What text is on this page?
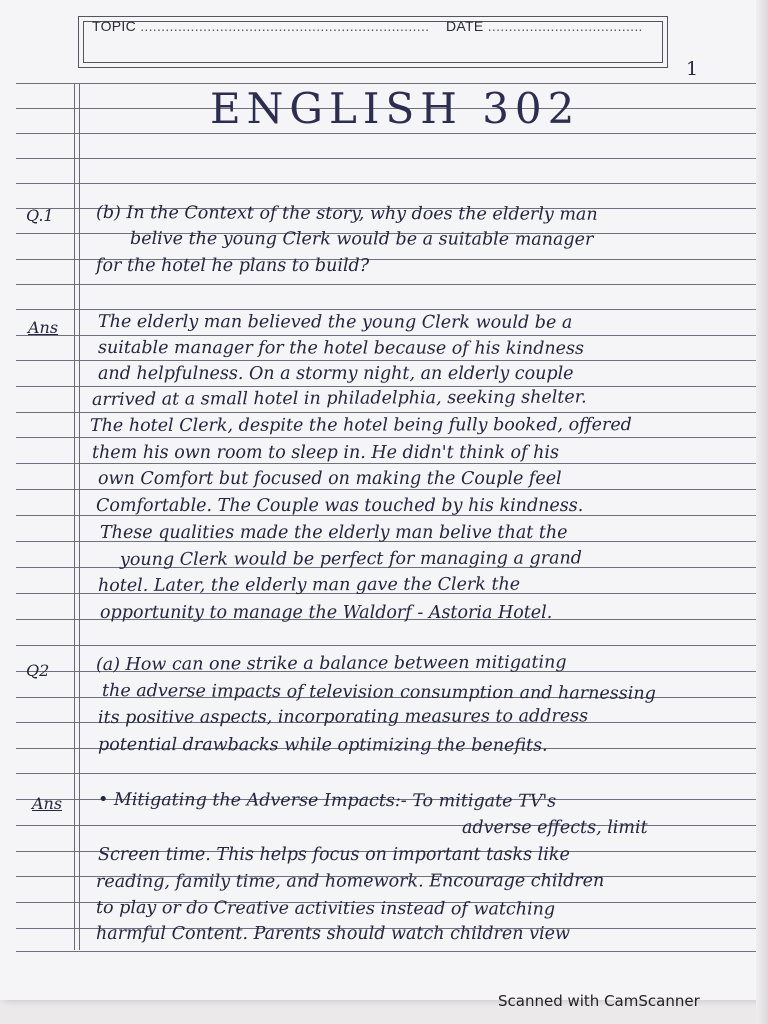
TOPIC ..................................................................... DATE .....................................
1
ENGLISH 302
Q.1 (b) In the Context of the story, why does the elderly man
belive the young Clerk would be a suitable manager
for the hotel he plans to build?
Ans The elderly man believed the young Clerk would be a
suitable manager for the hotel because of his kindness
and helpfulness. On a stormy night, an elderly couple
arrived at a small hotel in philadelphia, seeking shelter.
The hotel Clerk, despite the hotel being fully booked, offered
them his own room to sleep in. He didn't think of his
own Comfort but focused on making the Couple feel
Comfortable. The Couple was touched by his kindness.
These qualities made the elderly man belive that the
young Clerk would be perfect for managing a grand
hotel. Later, the elderly man gave the Clerk the
opportunity to manage the Waldorf - Astoria Hotel.
Q2	(a) How can one strike a balance between mitigating
the adverse impacts of television consumption and harnessing
its positive aspects, incorporating measures to address
potential drawbacks while optimizing the benefits.
Ans • Mitigating the Adverse Impacts:- To mitigate TV's
adverse effects, limit
Screen time. This helps focus on important tasks like
reading, family time, and homework. Encourage children
to play or do Creative activities instead of watching
harmful Content. Parents should watch children view
Scanned with CamScanner
